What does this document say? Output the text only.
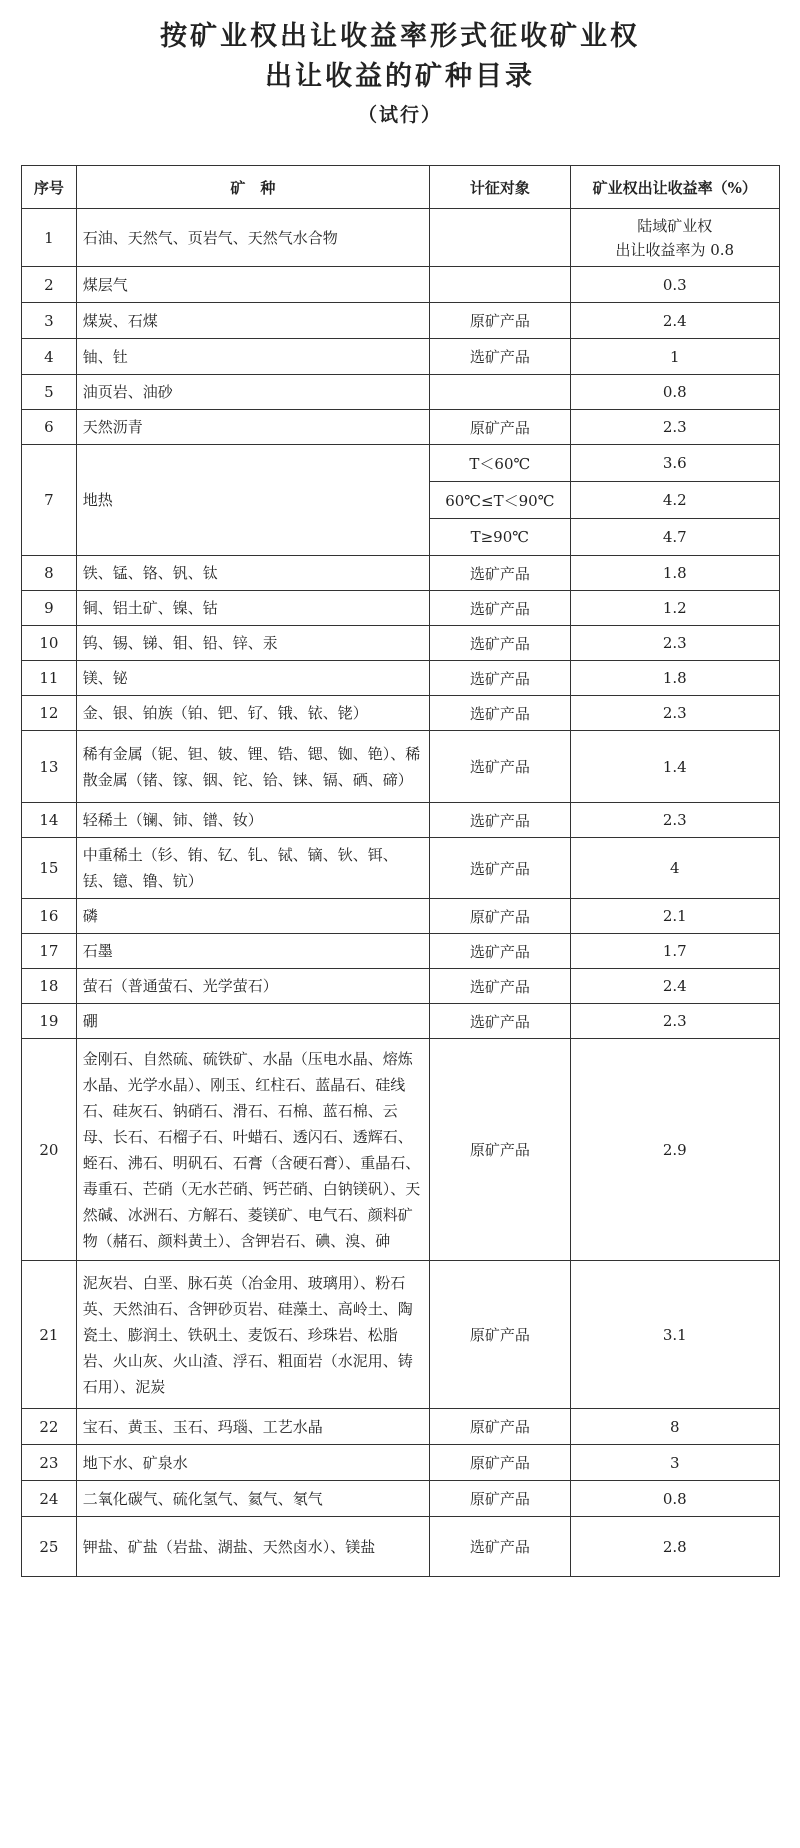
按矿业权出让收益率形式征收矿业权
出让收益的矿种目录
（试行）
序号	矿　种	计征对象	矿业权出让收益率（%）
1	石油、天然气、页岩气、天然气水合物		陆域矿业权
出让收益率为 0.8
2	煤层气		0.3
3	煤炭、石煤	原矿产品	2.4
4	铀、钍	选矿产品	1
5	油页岩、油砂		0.8
6	天然沥青	原矿产品	2.3
7	地热	T＜60℃	3.6
		60℃≤T＜90℃	4.2
		T≥90℃	4.7
8	铁、锰、铬、钒、钛	选矿产品	1.8
9	铜、铝土矿、镍、钴	选矿产品	1.2
10	钨、锡、锑、钼、铅、锌、汞	选矿产品	2.3
11	镁、铋	选矿产品	1.8
12	金、银、铂族（铂、钯、钌、锇、铱、铑）	选矿产品	2.3
13	稀有金属（铌、钽、铍、锂、锆、锶、铷、铯）、稀散金属（锗、镓、铟、铊、铪、铼、镉、硒、碲）	选矿产品	1.4
14	轻稀土（镧、铈、镨、钕）	选矿产品	2.3
15	中重稀土（钐、铕、钇、钆、铽、镝、钬、铒、铥、镱、镥、钪）	选矿产品	4
16	磷	原矿产品	2.1
17	石墨	选矿产品	1.7
18	萤石（普通萤石、光学萤石）	选矿产品	2.4
19	硼	选矿产品	2.3
20	金刚石、自然硫、硫铁矿、水晶（压电水晶、熔炼水晶、光学水晶）、刚玉、红柱石、蓝晶石、硅线石、硅灰石、钠硝石、滑石、石棉、蓝石棉、云母、长石、石榴子石、叶蜡石、透闪石、透辉石、蛭石、沸石、明矾石、石膏（含硬石膏）、重晶石、毒重石、芒硝（无水芒硝、钙芒硝、白钠镁矾）、天然碱、冰洲石、方解石、菱镁矿、电气石、颜料矿物（赭石、颜料黄土）、含钾岩石、碘、溴、砷	原矿产品	2.9
21	泥灰岩、白垩、脉石英（冶金用、玻璃用）、粉石英、天然油石、含钾砂页岩、硅藻土、高岭土、陶瓷土、膨润土、铁矾土、麦饭石、珍珠岩、松脂岩、火山灰、火山渣、浮石、粗面岩（水泥用、铸石用）、泥炭	原矿产品	3.1
22	宝石、黄玉、玉石、玛瑙、工艺水晶	原矿产品	8
23	地下水、矿泉水	原矿产品	3
24	二氧化碳气、硫化氢气、氦气、氡气	原矿产品	0.8
25	钾盐、矿盐（岩盐、湖盐、天然卤水）、镁盐	选矿产品	2.8
